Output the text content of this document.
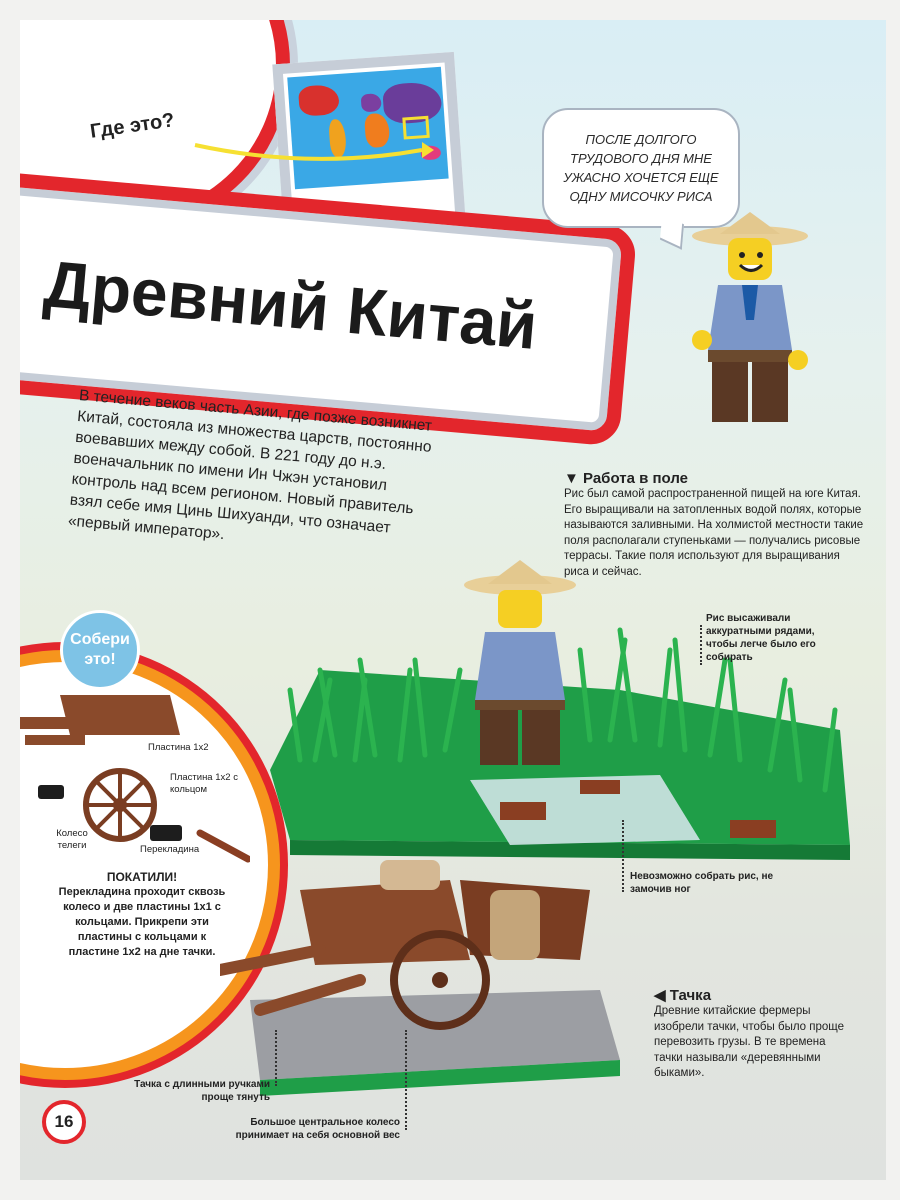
Где это?
Древний Китай
ПОСЛЕ ДОЛГОГО ТРУДОВОГО ДНЯ МНЕ УЖАСНО ХОЧЕТСЯ ЕЩЕ ОДНУ МИСОЧКУ РИСА
В течение веков часть Азии, где позже возникнет Китай, состояла из множества царств, постоянно воевавших между собой. В 221 году до н.э. военачальник по имени Ин Чжэн установил контроль над всем регионом. Новый правитель взял себе имя Цинь Шихуанди, что означает «первый император».
▼ Работа в поле
Рис был самой распространенной пищей на юге Китая. Его выращивали на затопленных водой полях, которые называются заливными. На холмистой местности такие поля располагали ступеньками — получались рисовые террасы. Такие поля используют для выращивания риса и сейчас.
Рис высаживали аккуратными рядами, чтобы легче было его собирать
Невозможно собрать рис, не замочив ног
Собери это!
Пластина 1x2
Пластина 1x2 с кольцом
Колесо телеги	Перекладина
ПОКАТИЛИ!
Перекладина проходит сквозь колесо и две пластины 1x1 с кольцами. Прикрепи эти пластины с кольцами к пластине 1x2 на дне тачки.
Тачка с длинными ручками проще тянуть
Большое центральное колесо принимает на себя основной вес
◀ Тачка
Древние китайские фермеры изобрели тачки, чтобы было проще перевозить грузы. В те времена тачки называли «деревянными быками».
16
